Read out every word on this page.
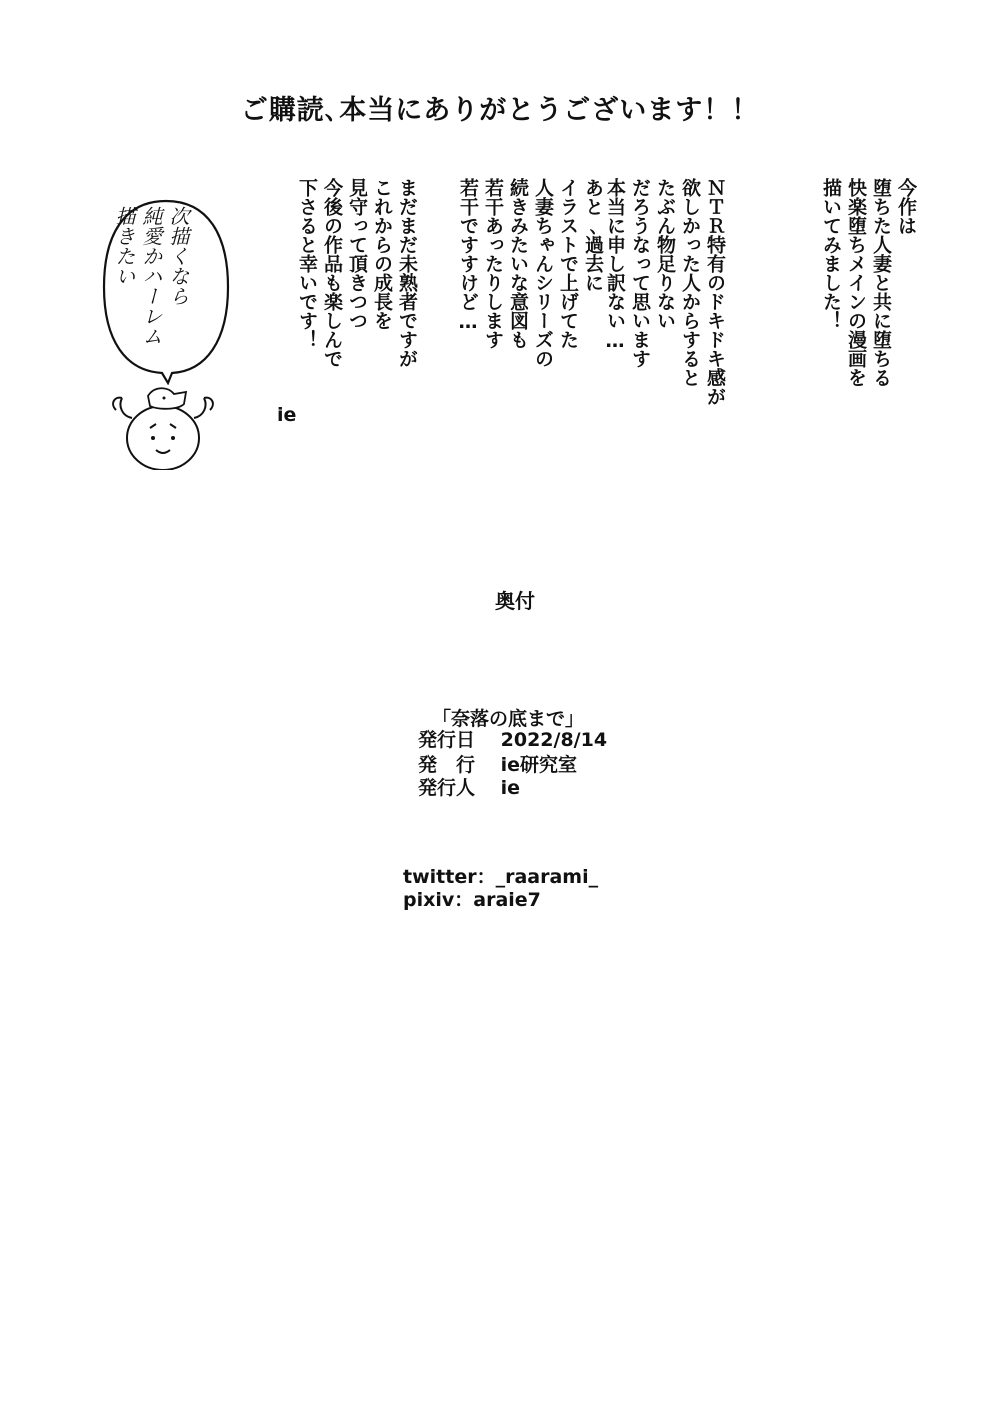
ご購読､本当にありがとうございます！！
今作は
堕ちた人妻と共に堕ちる
快楽堕ちメインの漫画を
描いてみました！
ＮＴＲ特有のドキドキ感が
欲しかった人からすると
たぶん物足りない
だろうなって思います
本当に申し訳ない…
あと､過去に
イラストで上げてた
人妻ちゃんシリーズの
続きみたいな意図も
若干あったりします
若干ですすけど…
まだまだ未熟者ですが
これからの成長を
見守って頂きつつ
今後の作品も楽しんで
下さると幸いです！
ie
次描くなら
純愛かハーレム
描きたい
奥付
「奈落の底まで」
発行日 2022/8/14
発　行 ie研究室
発行人 ie
twitter：_raarami_
pixiv：araie7
